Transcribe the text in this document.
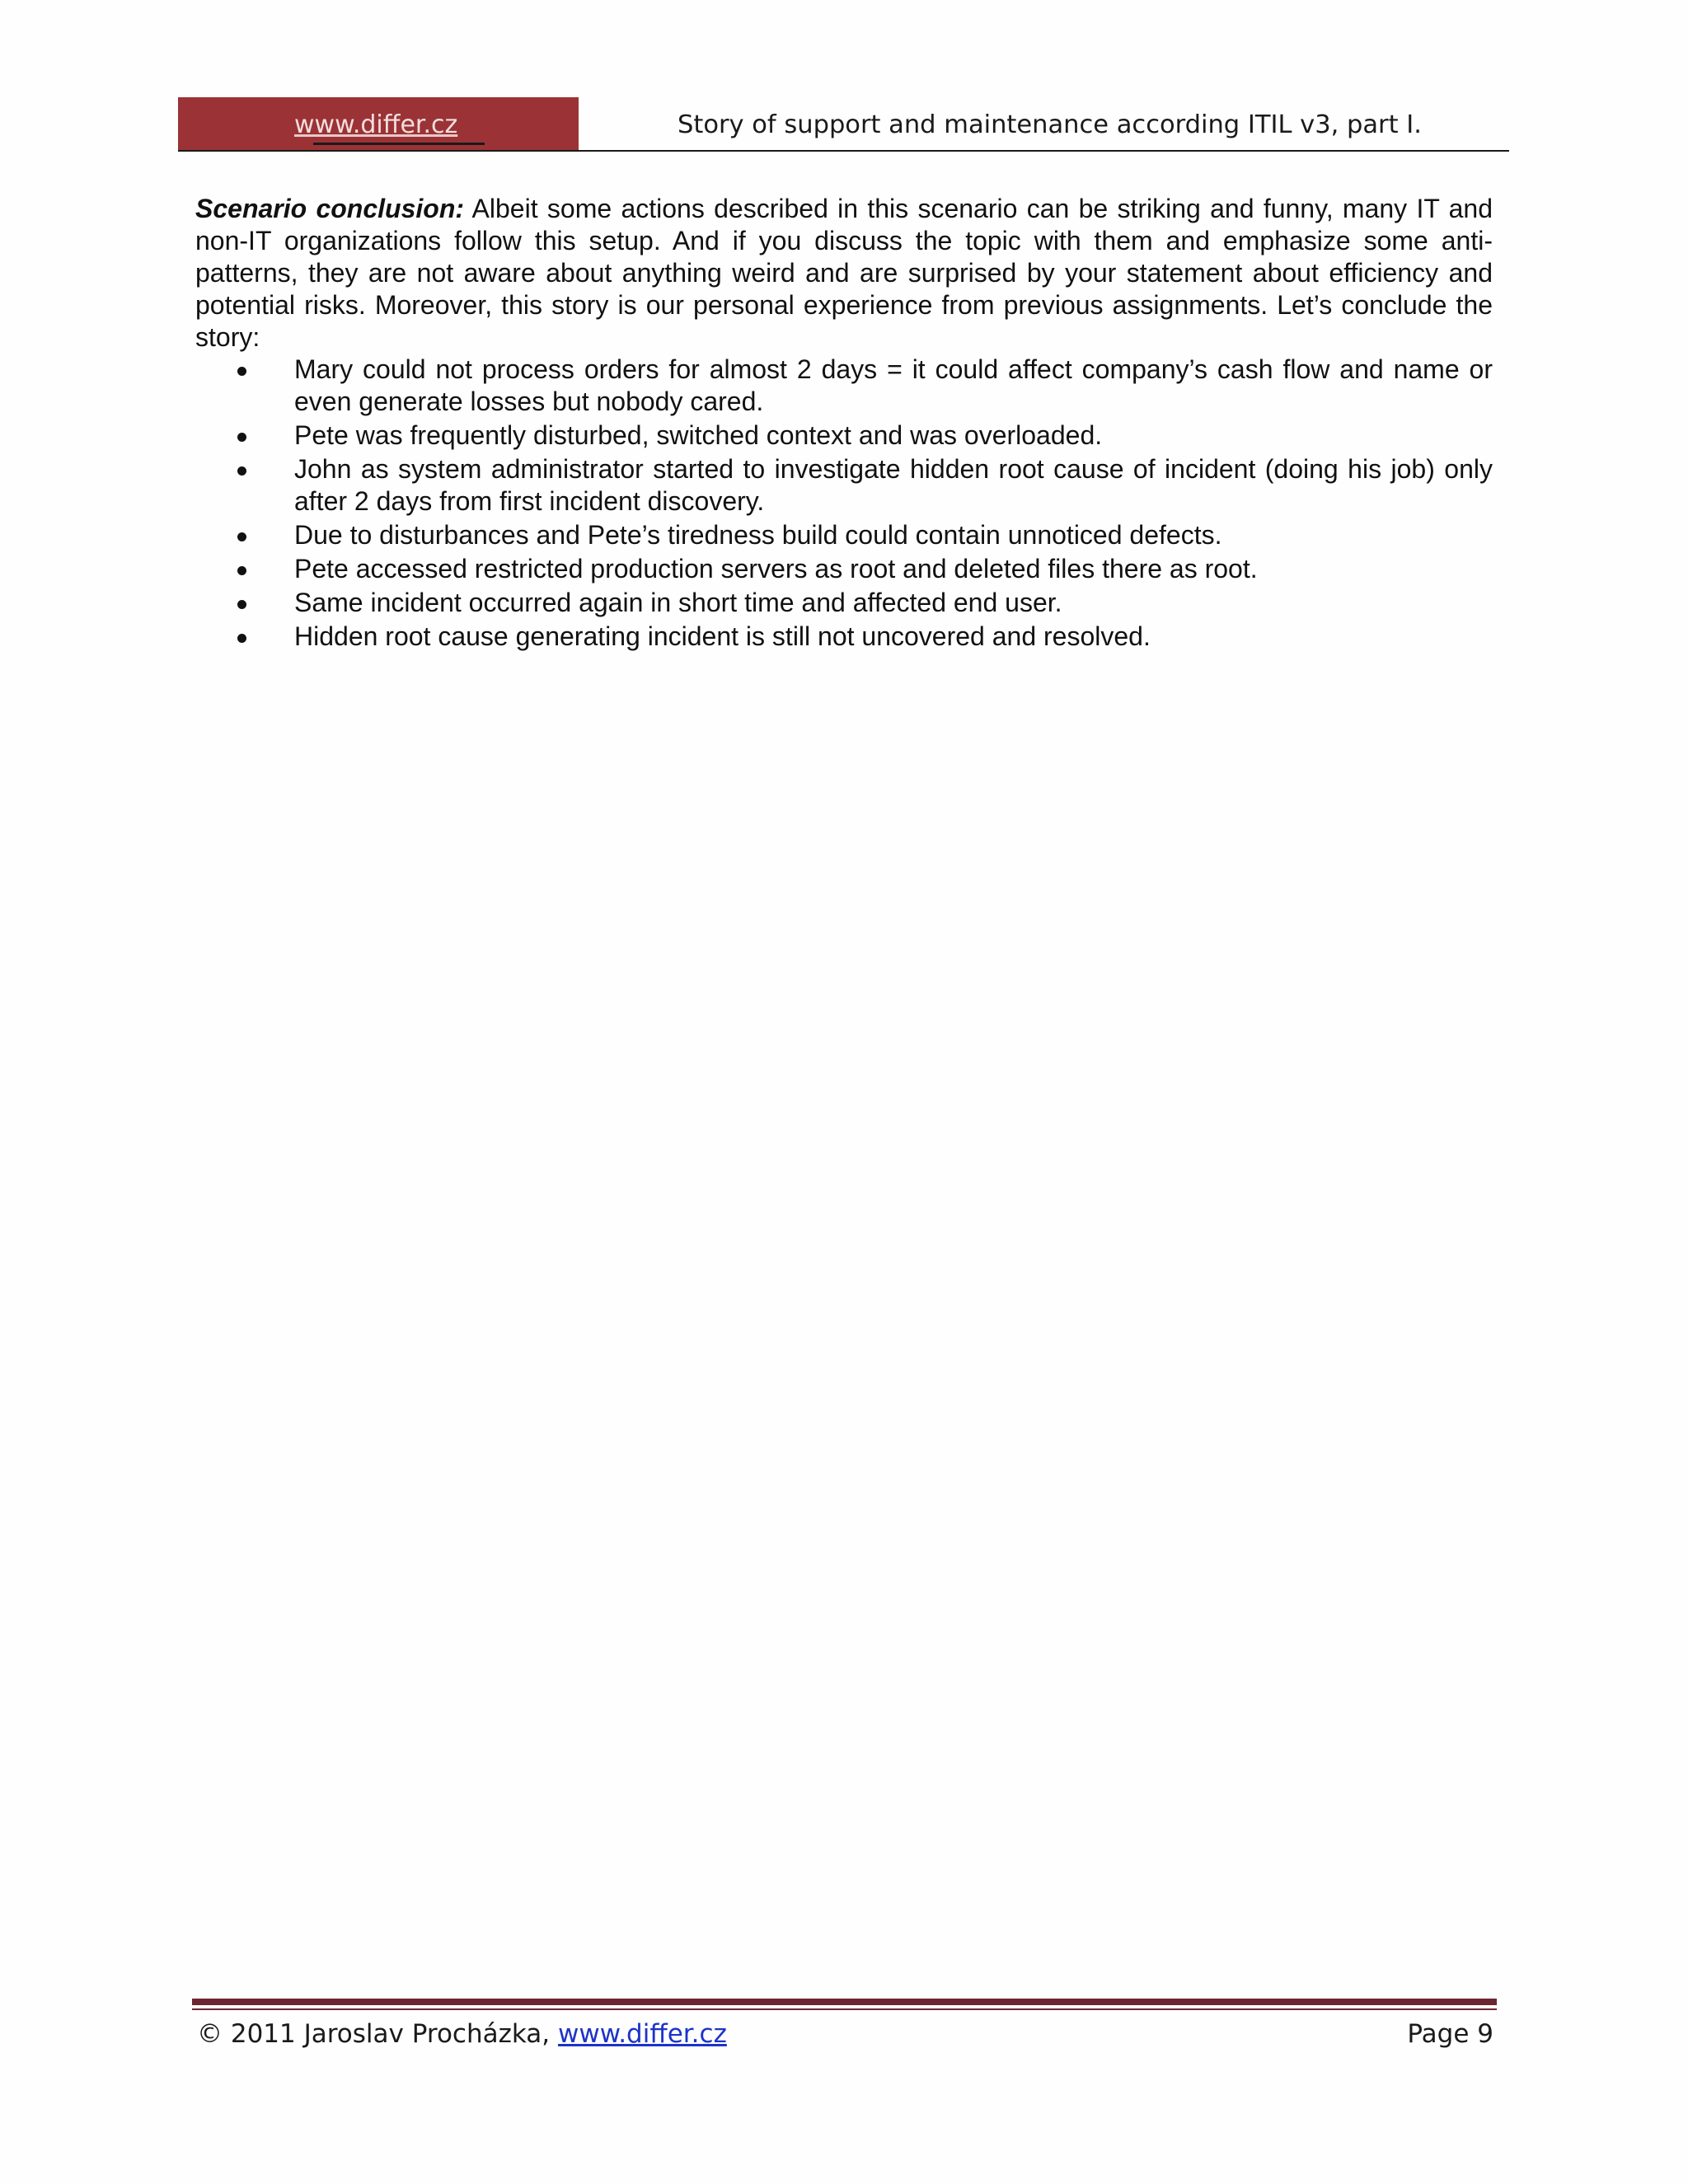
www.differ.cz	Story of support and maintenance according ITIL v3, part I.

Scenario conclusion: Albeit some actions described in this scenario can be striking and funny, many IT and non-IT organizations follow this setup. And if you discuss the topic with them and emphasize some anti-patterns, they are not aware about anything weird and are surprised by your statement about efficiency and potential risks. Moreover, this story is our personal experience from previous assignments. Let’s conclude the story:

Mary could not process orders for almost 2 days = it could affect company’s cash flow and name or even generate losses but nobody cared.
Pete was frequently disturbed, switched context and was overloaded.
John as system administrator started to investigate hidden root cause of incident (doing his job) only after 2 days from first incident discovery.
Due to disturbances and Pete’s tiredness build could contain unnoticed defects.
Pete accessed restricted production servers as root and deleted files there as root.
Same incident occurred again in short time and affected end user.
Hidden root cause generating incident is still not uncovered and resolved.
© 2011 Jaroslav Procházka, www.differ.cz	Page 9
